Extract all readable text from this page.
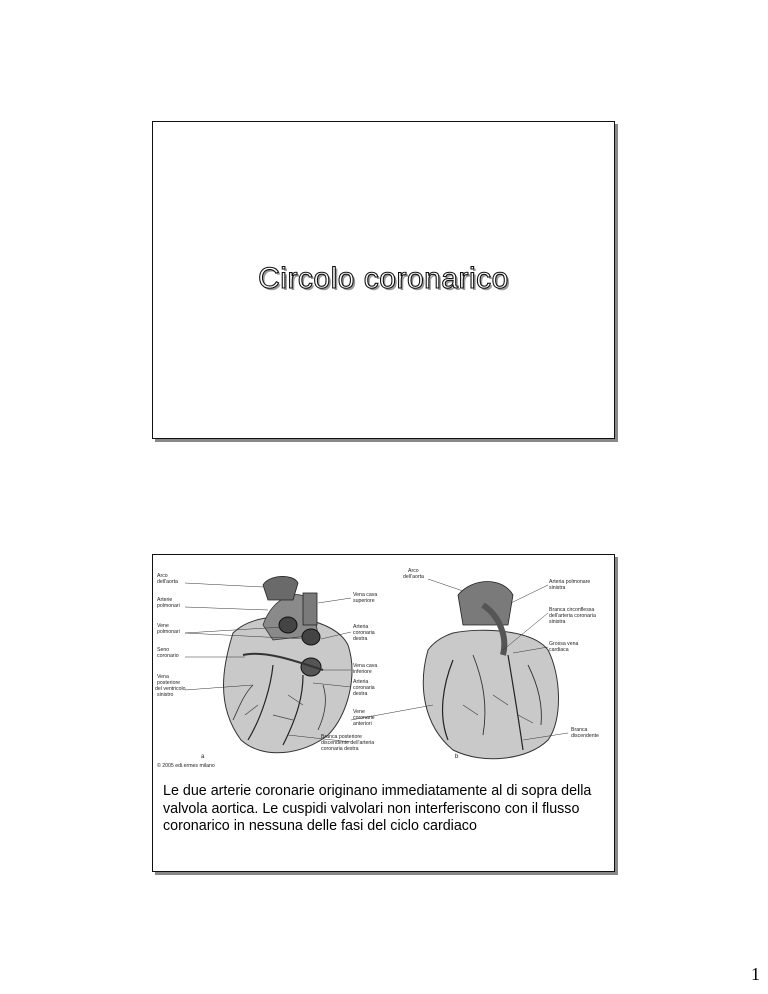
Circolo coronarico
Arco
dell'aorta
Arterie
polmonari
Vene
polmonari
Seno
coronario
Vena
posteriore
del ventricolo
sinistro
Vena cava
superiore
Arteria
coronaria
destra
Vena cava
inferiore
Arteria
coronaria
destra
Vene
coronarie
anteriori
Branca posteriore
discendente dell'arteria
coronaria destra
Arco
dell'aorta
Arteria polmonare
sinistra
Branca circonflessa
dell'arteria coronaria
sinistra
Grossa vena
cardiaca
Branca
discendente
a	b
© 2005 edi.ermes milano
Le due arterie coronarie originano immediatamente al di sopra della valvola aortica. Le cuspidi valvolari non interferiscono con il flusso coronarico in nessuna delle fasi del ciclo cardiaco
1
